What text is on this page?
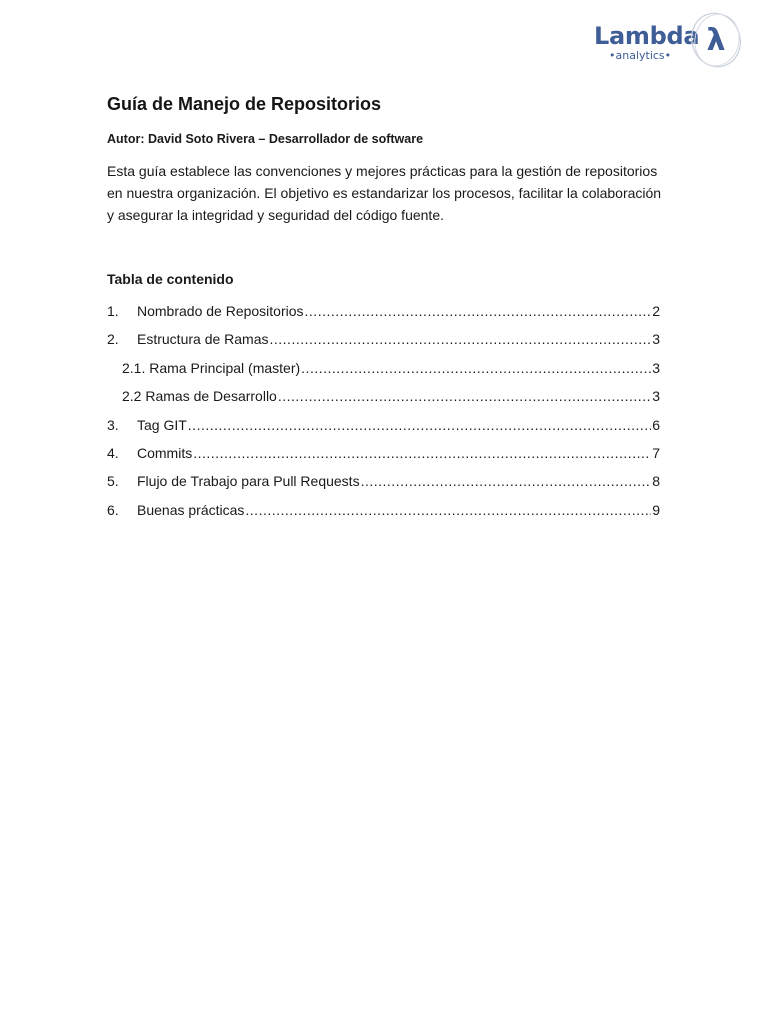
Lambda
•analytics• λ
Guía de Manejo de Repositorios

Autor: David Soto Rivera – Desarrollador de software

Esta guía establece las convenciones y mejores prácticas para la gestión de repositorios en nuestra organización. El objetivo es estandarizar los procesos, facilitar la colaboración y asegurar la integridad y seguridad del código fuente.

Tabla de contenido
1. Nombrado de Repositorios .....	2
2. Estructura de Ramas .....	3
2.1. Rama Principal (master) .....	3
2.2 Ramas de Desarrollo .....	3
3. Tag GIT .....	6
4. Commits .....	7
5. Flujo de Trabajo para Pull Requests .....	8
6. Buenas prácticas .....	9
